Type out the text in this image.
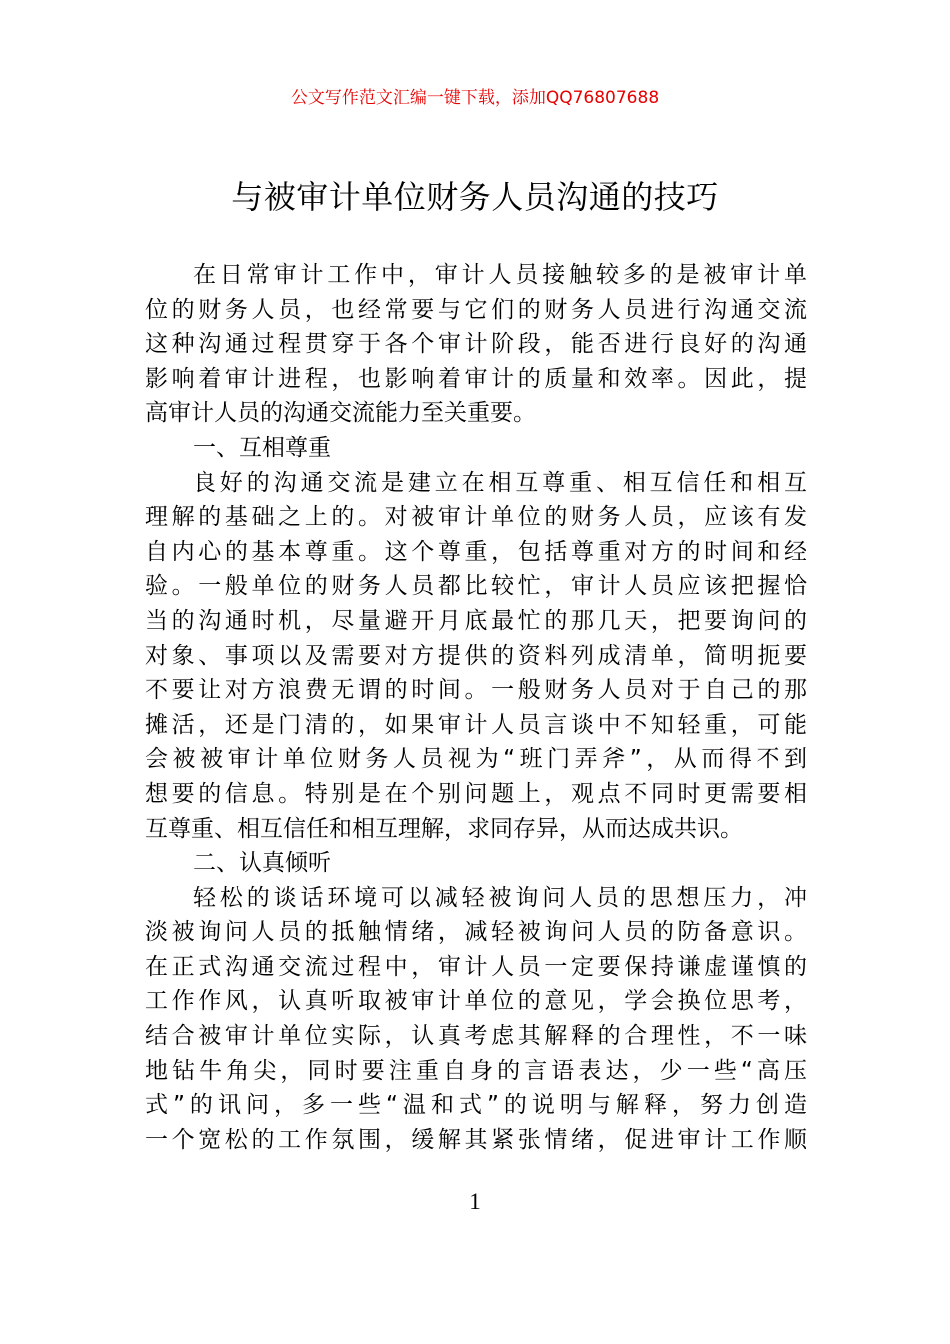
公文写作范文汇编一键下载，添加QQ76807688
与被审计单位财务人员沟通的技巧
在日常审计工作中，审计人员接触较多的是被审计单
位的财务人员，也经常要与它们的财务人员进行沟通交流
这种沟通过程贯穿于各个审计阶段，能否进行良好的沟通
影响着审计进程，也影响着审计的质量和效率。因此，提
高审计人员的沟通交流能力至关重要。
一、互相尊重
良好的沟通交流是建立在相互尊重、相互信任和相互
理解的基础之上的。对被审计单位的财务人员，应该有发
自内心的基本尊重。这个尊重，包括尊重对方的时间和经
验。一般单位的财务人员都比较忙，审计人员应该把握恰
当的沟通时机，尽量避开月底最忙的那几天，把要询问的
对象、事项以及需要对方提供的资料列成清单，简明扼要
不要让对方浪费无谓的时间。一般财务人员对于自己的那
摊活，还是门清的，如果审计人员言谈中不知轻重，可能
会被被审计单位财务人员视为“班门弄斧”，从而得不到
想要的信息。特别是在个别问题上，观点不同时更需要相
互尊重、相互信任和相互理解，求同存异，从而达成共识。
二、认真倾听
轻松的谈话环境可以减轻被询问人员的思想压力，冲
淡被询问人员的抵触情绪，减轻被询问人员的防备意识。
在正式沟通交流过程中，审计人员一定要保持谦虚谨慎的
工作作风，认真听取被审计单位的意见，学会换位思考，
结合被审计单位实际，认真考虑其解释的合理性，不一味
地钻牛角尖，同时要注重自身的言语表达，少一些“高压
式”的讯问，多一些“温和式”的说明与解释，努力创造
一个宽松的工作氛围，缓解其紧张情绪，促进审计工作顺
1
